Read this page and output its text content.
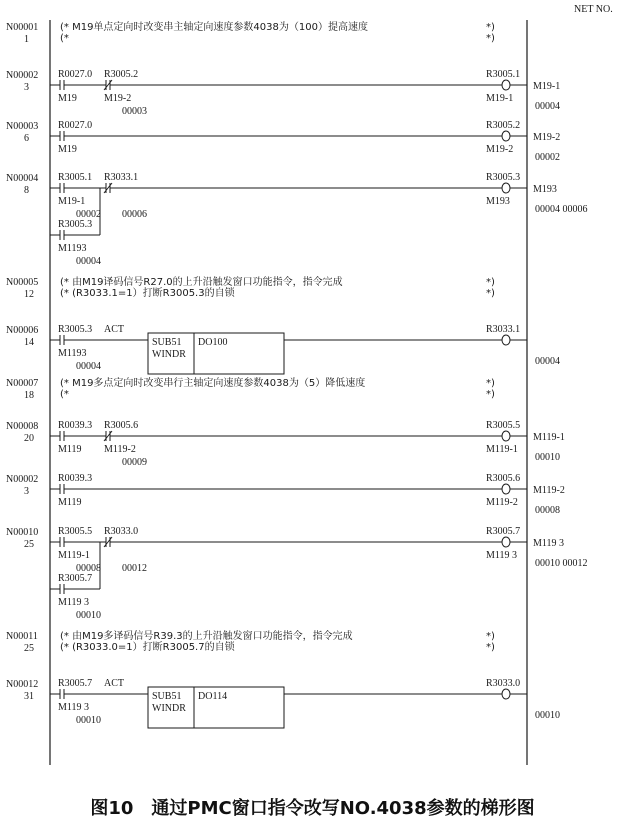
NET NO.
N00001
1
(* M19单点定向时改变串主轴定向速度参数4038为（100）提高速度	*)
(*	*)
N00002
3
R0027.0
M19
R3005.2
M19-2
00003
R3005.1
M19-1
M19-1
00004
N00003
6
R0027.0
M19
R3005.2
M19-2
M19-2
00002
N00004
8
R3005.1
M19-1
00002
R3033.1
00006
R3005.3
M193
R3005.3
M1193
00004
M193
00004 00006
N00005
12
(* 由M19译码信号R27.0的上升沿触发窗口功能指令，指令完成	*)
(* (R3033.1=1）打断R3005.3的自锁	*)
N00006
14
R3005.3
M1193
00004
ACT
SUB51
WINDR
DO100
R3033.1
00004
N00007
18
(* M19多点定向时改变串行主轴定向速度参数4038为（5）降低速度	*)
(*	*)
N00008
20
R0039.3
M119
R3005.6
M119-2
00009
R3005.5
M119-1
M119-1
00010
N00002
3
R0039.3
M119
R3005.6
M119-2
M119-2
00008
N00010
25
R3005.5
M119-1
00008
R3033.0
00012
R3005.7
M119 3
R3005.7
M119 3
00010
M119 3
00010 00012
N00011
25
(* 由M19多译码信号R39.3的上升沿触发窗口功能指令，指令完成	*)
(* (R3033.0=1）打断R3005.7的自锁	*)
N00012
31
R3005.7
M119 3
00010
ACT
SUB51
WINDR
DO114
R3033.0
00010
图10　通过PMC窗口指令改写NO.4038参数的梯形图
